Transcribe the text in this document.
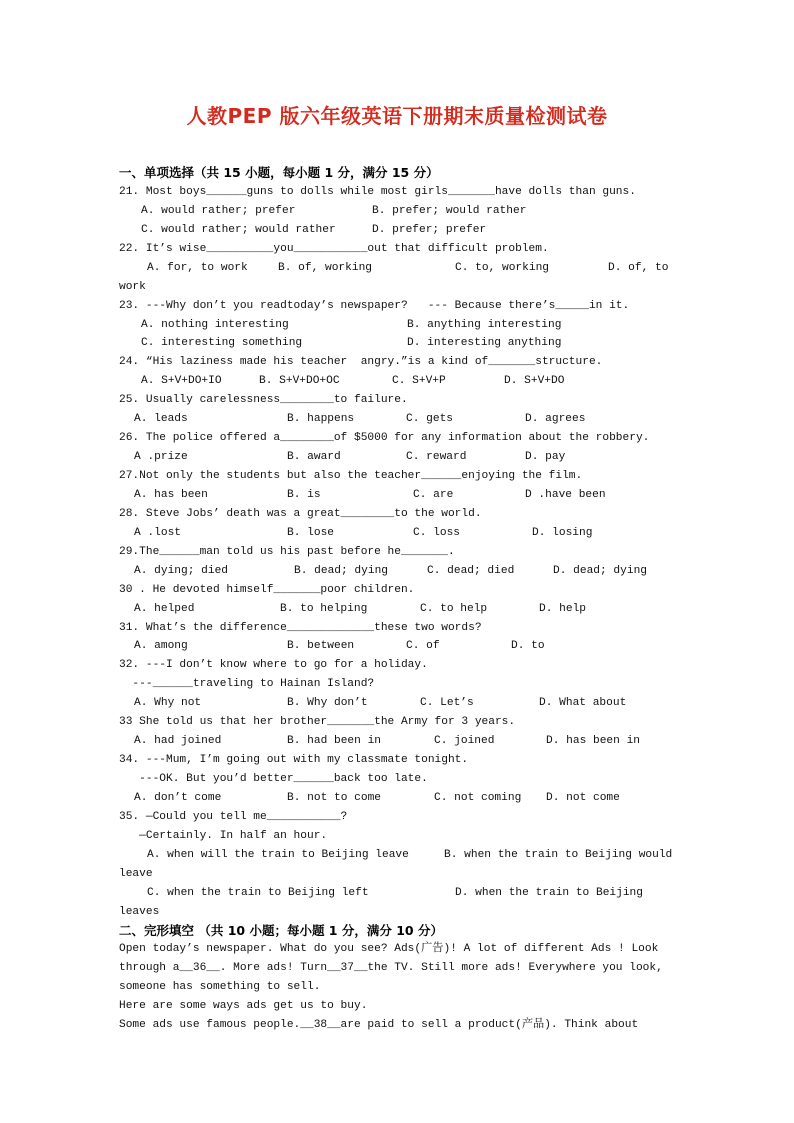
人教PEP 版六年级英语下册期末质量检测试卷
一、单项选择（共 15 小题，每小题 1 分，满分 15 分）
21. Most boys______guns to dolls while most girls_______have dolls than guns.
A. would rather; prefer	B. prefer; would rather
C. would rather; would rather	D. prefer; prefer
22. It’s wise__________you___________out that difficult problem.
A. for, to work	B. of, working	C. to, working	D. of, to
work
23. ---Why don’t you readtoday’s newspaper?   --- Because there’s_____in it.
A. nothing interesting	B. anything interesting
C. interesting something	D. interesting anything
24. “His laziness made his teacher  angry.”is a kind of_______structure.
A. S+V+DO+IO	B. S+V+DO+OC	C. S+V+P	D. S+V+DO
25. Usually carelessness________to failure.
A. leads	B. happens	C. gets	D. agrees
26. The police offered a________of $5000 for any information about the robbery.
A .prize	B. award	C. reward	D. pay
27.Not only the students but also the teacher______enjoying the film.
A. has been	B. is	C. are	D .have been
28. Steve Jobs’ death was a great________to the world.
A .lost	B. lose	C. loss	D. losing
29.The______man told us his past before he_______.
A. dying; died	B. dead; dying	C. dead; died	D. dead; dying
30 . He devoted himself_______poor children.
A. helped	B. to helping	C. to help	D. help
31. What’s the difference_____________these two words?
A. among	B. between	C. of	D. to
32. ---I don’t know where to go for a holiday.
---______traveling to Hainan Island?
A. Why not	B. Why don’t	C. Let’s	D. What about
33 She told us that her brother_______the Army for 3 years.
A. had joined	B. had been in	C. joined	D. has been in
34. ---Mum, I’m going out with my classmate tonight.
---OK. But you’d better______back too late.
A. don’t come	B. not to come	C. not coming D. not come
35. —Could you tell me___________?
—Certainly. In half an hour.
A. when will the train to Beijing leave	B. when the train to Beijing would
leave
C. when the train to Beijing left	D. when the train to Beijing
leaves
二、完形填空 （共 10 小题；每小题 1 分，满分 10 分）
Open today’s newspaper. What do you see? Ads(广告)! A lot of different Ads ! Look
through a__36__. More ads! Turn__37__the TV. Still more ads! Everywhere you look,
someone has something to sell.
Here are some ways ads get us to buy.
Some ads use famous people.__38__are paid to sell a product(产品). Think about
